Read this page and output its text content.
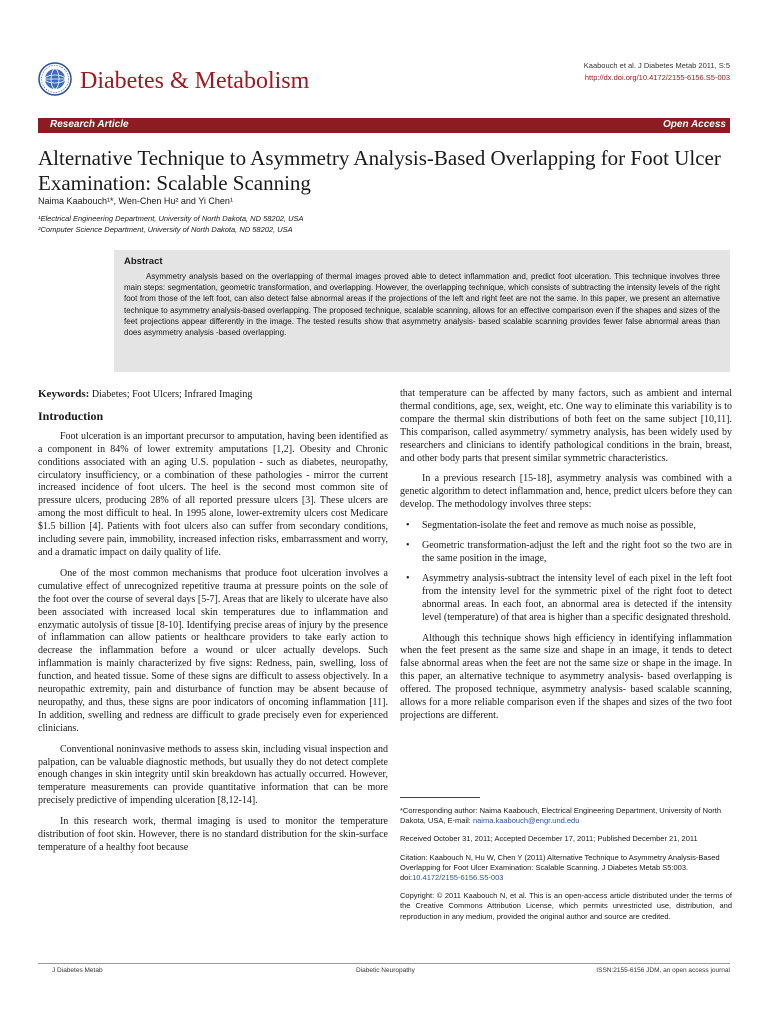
Diabetes & Metabolism
Kaabouch et al. J Diabetes Metab 2011, S:5
http://dx.doi.org/10.4172/2155-6156.S5-003
Research Article	Open Access
Alternative Technique to Asymmetry Analysis-Based Overlapping for Foot Ulcer Examination: Scalable Scanning
Naima Kaabouch¹*, Wen-Chen Hu² and Yi Chen¹
¹Electrical Engineering Department, University of North Dakota, ND 58202, USA
²Computer Science Department, University of North Dakota, ND 58202, USA
Abstract

Asymmetry analysis based on the overlapping of thermal images proved able to detect inflammation and, predict foot ulceration. This technique involves three main steps: segmentation, geometric transformation, and overlapping. However, the overlapping technique, which consists of subtracting the intensity levels of the right foot from those of the left foot, can also detect false abnormal areas if the projections of the left and right feet are not the same. In this paper, we present an alternative technique to asymmetry analysis-based overlapping. The proposed technique, scalable scanning, allows for an effective comparison even if the shapes and sizes of the feet projections appear differently in the image. The tested results show that asymmetry analysis- based scalable scanning provides fewer false abnormal areas than does asymmetry analysis -based overlapping.

Keywords: Diabetes; Foot Ulcers; Infrared Imaging
Introduction

Foot ulceration is an important precursor to amputation, having been identified as a component in 84% of lower extremity amputations [1,2]. Obesity and Chronic conditions associated with an aging U.S. population - such as diabetes, neuropathy, circulatory insufficiency, or a combination of these pathologies - mirror the current increased incidence of foot ulcers. The heel is the second most common site of pressure ulcers, producing 28% of all reported pressure ulcers [3]. These ulcers are among the most difficult to heal. In 1995 alone, lower-extremity ulcers cost Medicare $1.5 billion [4]. Patients with foot ulcers also can suffer from secondary conditions, including severe pain, immobility, increased infection risks, embarrassment and worry, and a dramatic impact on daily quality of life.

One of the most common mechanisms that produce foot ulceration involves a cumulative effect of unrecognized repetitive trauma at pressure points on the sole of the foot over the course of several days [5-7]. Areas that are likely to ulcerate have also been associated with increased local skin temperatures due to inflammation and enzymatic autolysis of tissue [8-10]. Identifying precise areas of injury by the presence of inflammation can allow patients or healthcare providers to take early action to decrease the inflammation before a wound or ulcer actually develops. Such inflammation is mainly characterized by five signs: Redness, pain, swelling, loss of function, and heated tissue. Some of these signs are difficult to assess objectively. In a neuropathic extremity, pain and disturbance of function may be absent because of neuropathy, and thus, these signs are poor indicators of oncoming inflammation [11]. In addition, swelling and redness are difficult to grade precisely even for experienced clinicians.

Conventional noninvasive methods to assess skin, including visual inspection and palpation, can be valuable diagnostic methods, but usually they do not detect complete enough changes in skin integrity until skin breakdown has actually occurred. However, temperature measurements can provide quantitative information that can be more precisely predictive of impending ulceration [8,12-14].

In this research work, thermal imaging is used to monitor the temperature distribution of foot skin. However, there is no standard distribution for the skin-surface temperature of a healthy foot because

that temperature can be affected by many factors, such as ambient and internal thermal conditions, age, sex, weight, etc. One way to eliminate this variability is to compare the thermal skin distributions of both feet on the same subject [10,11]. This comparison, called asymmetry/ symmetry analysis, has been widely used by researchers and clinicians to identify pathological conditions in the brain, breast, and other body parts that present similar symmetric characteristics.

In a previous research [15-18], asymmetry analysis was combined with a genetic algorithm to detect inflammation and, hence, predict ulcers before they can develop. The methodology involves three steps:

• Segmentation-isolate the feet and remove as much noise as possible,
• Geometric transformation-adjust the left and the right foot so the two are in the same position in the image,
• Asymmetry analysis-subtract the intensity level of each pixel in the left foot from the intensity level for the symmetric pixel of the right foot to detect abnormal areas. In each foot, an abnormal area is detected if the intensity level (temperature) of that area is higher than a specific designated threshold.

Although this technique shows high efficiency in identifying inflammation when the feet present as the same size and shape in an image, it tends to detect false abnormal areas when the feet are not the same size or shape in the image. In this paper, an alternative technique to asymmetry analysis- based overlapping is offered. The proposed technique, asymmetry analysis- based scalable scanning, allows for a more reliable comparison even if the shapes and sizes of the two foot projections are different.

*Corresponding author: Naima Kaabouch, Electrical Engineering Department, University of North Dakota, USA, E-mail: naima.kaabouch@engr.und.edu

Received October 31, 2011; Accepted December 17, 2011; Published December 21, 2011

Citation: Kaabouch N, Hu W, Chen Y (2011) Alternative Technique to Asymmetry Analysis-Based Overlapping for Foot Ulcer Examination: Scalable Scanning. J Diabetes Metab S5:003. doi:10.4172/2155-6156.S5-003

Copyright: © 2011 Kaabouch N, et al. This is an open-access article distributed under the terms of the Creative Commons Attribution License, which permits unrestricted use, distribution, and reproduction in any medium, provided the original author and source are credited.

J Diabetes Metab	Diabetic Neuropathy	ISSN:2155-6156 JDM, an open access journal
